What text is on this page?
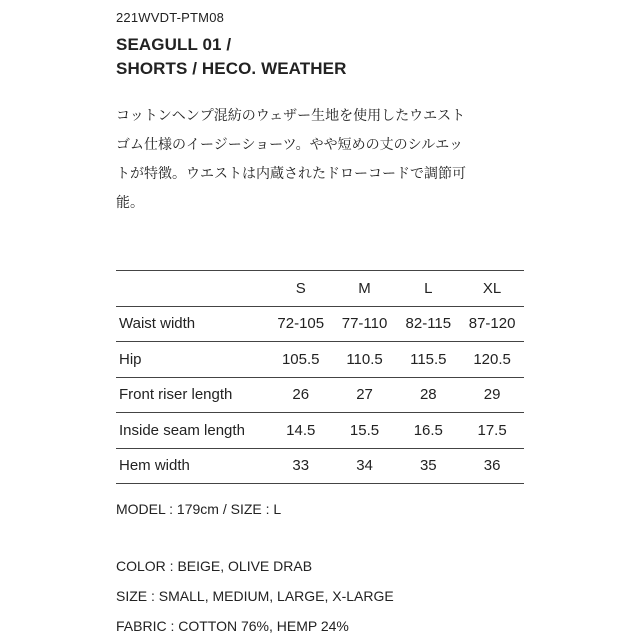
221WVDT-PTM08
SEAGULL 01 /
SHORTS / HECO. WEATHER
コットンヘンプ混紡のウェザー生地を使用したウエスト
ゴム仕様のイージーショーツ。やや短めの丈のシルエッ
トが特徴。ウエストは内蔵されたドローコードで調節可
能。
	S	M	L	XL
Waist width	72-105	77-110	82-115	87-120
Hip	105.5	110.5	115.5	120.5
Front riser length	26	27	28	29
Inside seam length	14.5	15.5	16.5	17.5
Hem width	33	34	35	36
MODEL : 179cm / SIZE : L
COLOR : BEIGE, OLIVE DRAB
SIZE : SMALL, MEDIUM, LARGE, X-LARGE
FABRIC : COTTON 76%, HEMP 24%
